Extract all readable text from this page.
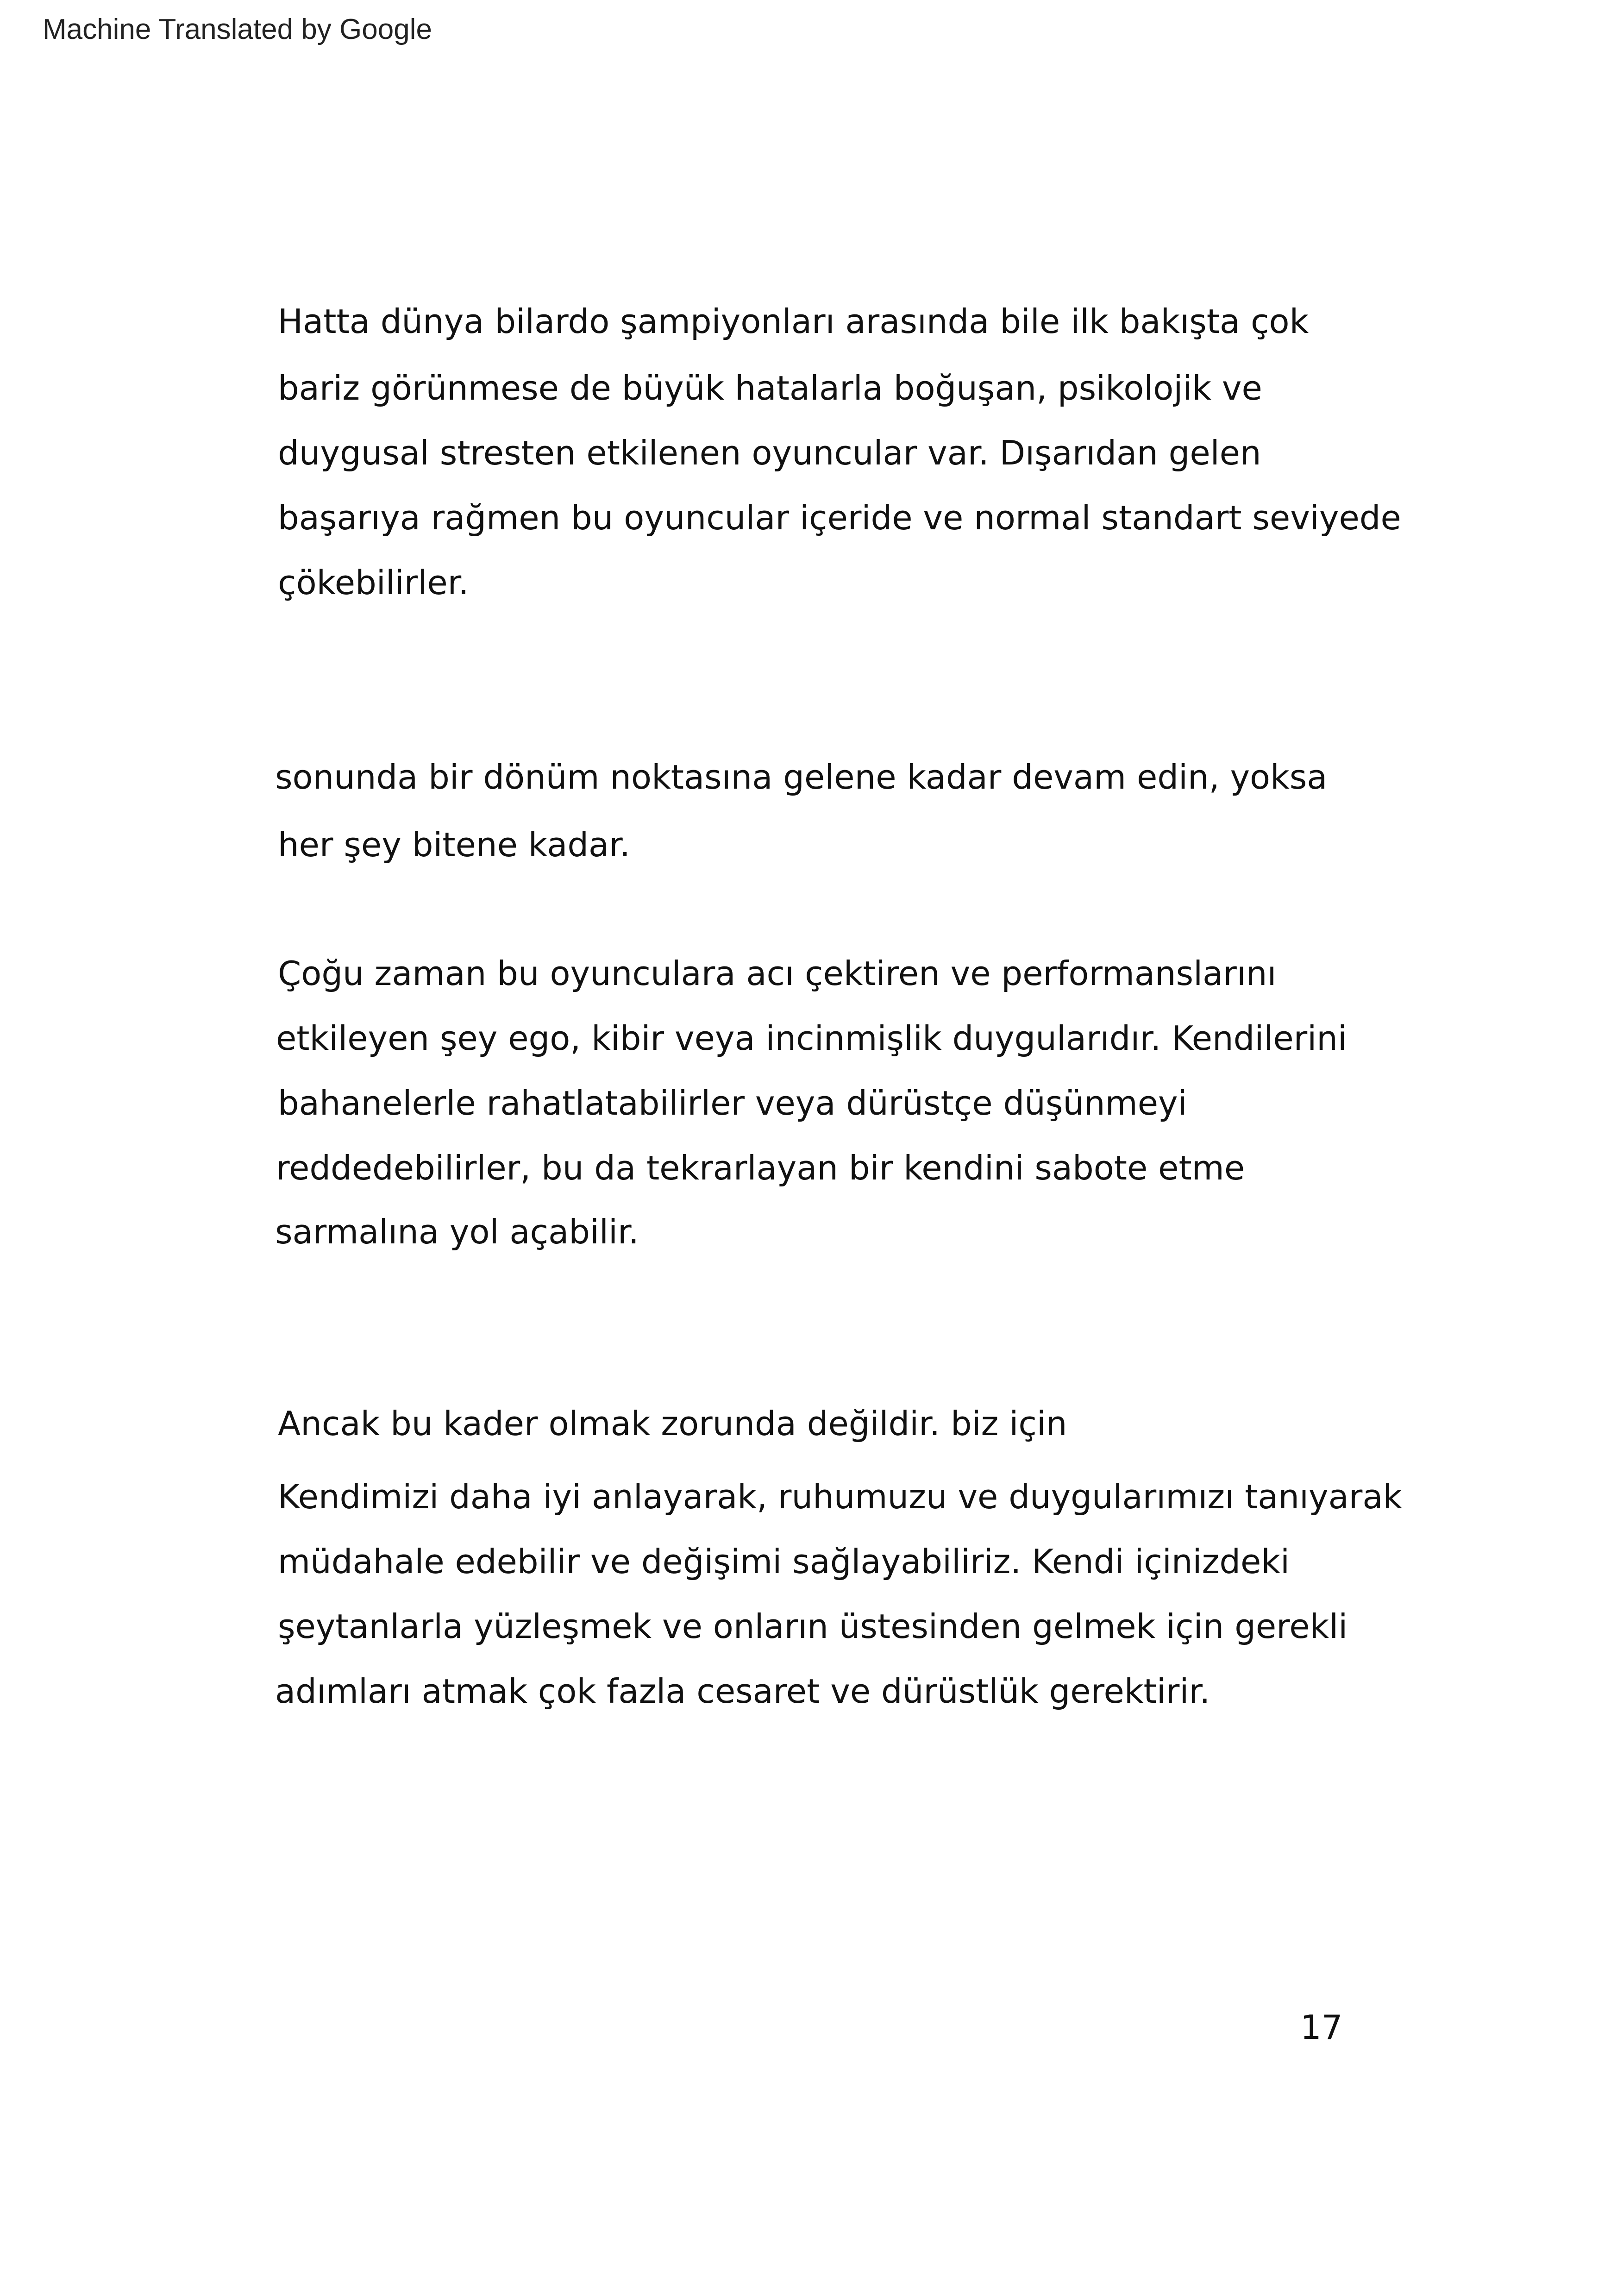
Machine Translated by Google
Hatta dünya bilardo şampiyonları arasında bile ilk bakışta çok
bariz görünmese de büyük hatalarla boğuşan, psikolojik ve
duygusal stresten etkilenen oyuncular var. Dışarıdan gelen
başarıya rağmen bu oyuncular içeride ve normal standart seviyede
çökebilirler.
sonunda bir dönüm noktasına gelene kadar devam edin, yoksa
her şey bitene kadar.
Çoğu zaman bu oyunculara acı çektiren ve performanslarını
etkileyen şey ego, kibir veya incinmişlik duygularıdır. Kendilerini
bahanelerle rahatlatabilirler veya dürüstçe düşünmeyi
reddedebilirler, bu da tekrarlayan bir kendini sabote etme
sarmalına yol açabilir.
Ancak bu kader olmak zorunda değildir. biz için
Kendimizi daha iyi anlayarak, ruhumuzu ve duygularımızı tanıyarak
müdahale edebilir ve değişimi sağlayabiliriz. Kendi içinizdeki
şeytanlarla yüzleşmek ve onların üstesinden gelmek için gerekli
adımları atmak çok fazla cesaret ve dürüstlük gerektirir.
17
